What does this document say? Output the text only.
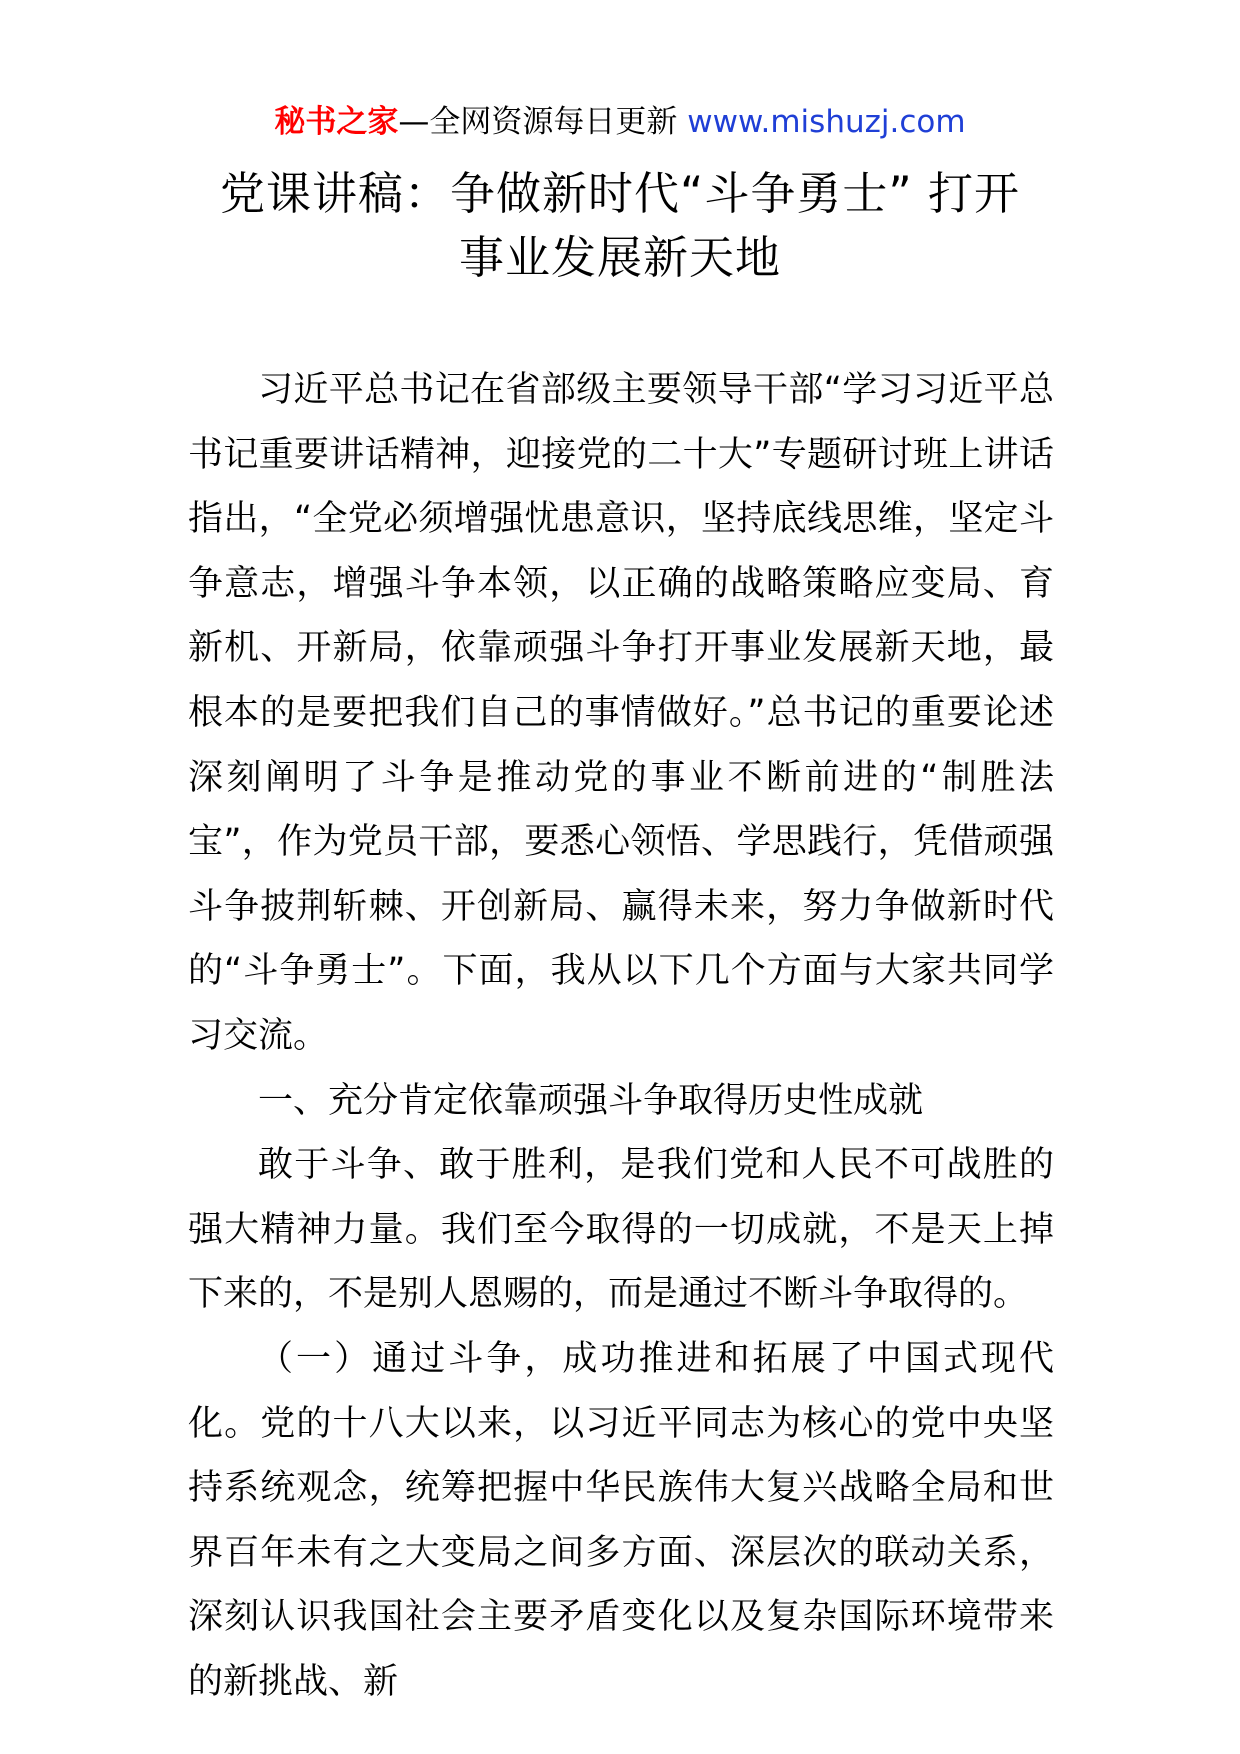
秘书之家—全网资源每日更新 www.mishuzj.com
党课讲稿：争做新时代“斗争勇士” 打开
事业发展新天地

习近平总书记在省部级主要领导干部“学习习近平总书记重要讲话精神，迎接党的二十大”专题研讨班上讲话指出，“全党必须增强忧患意识，坚持底线思维，坚定斗争意志，增强斗争本领，以正确的战略策略应变局、育新机、开新局，依靠顽强斗争打开事业发展新天地，最根本的是要把我们自己的事情做好。”总书记的重要论述深刻阐明了斗争是推动党的事业不断前进的“制胜法宝”，作为党员干部，要悉心领悟、学思践行，凭借顽强斗争披荆斩棘、开创新局、赢得未来，努力争做新时代的“斗争勇士”。下面，我从以下几个方面与大家共同学习交流。

一、充分肯定依靠顽强斗争取得历史性成就

敢于斗争、敢于胜利，是我们党和人民不可战胜的强大精神力量。我们至今取得的一切成就，不是天上掉下来的，不是别人恩赐的，而是通过不断斗争取得的。

（一）通过斗争，成功推进和拓展了中国式现代化。党的十八大以来，以习近平同志为核心的党中央坚持系统观念，统筹把握中华民族伟大复兴战略全局和世界百年未有之大变局之间多方面、深层次的联动关系，深刻认识我国社会主要矛盾变化以及复杂国际环境带来的新挑战、新
